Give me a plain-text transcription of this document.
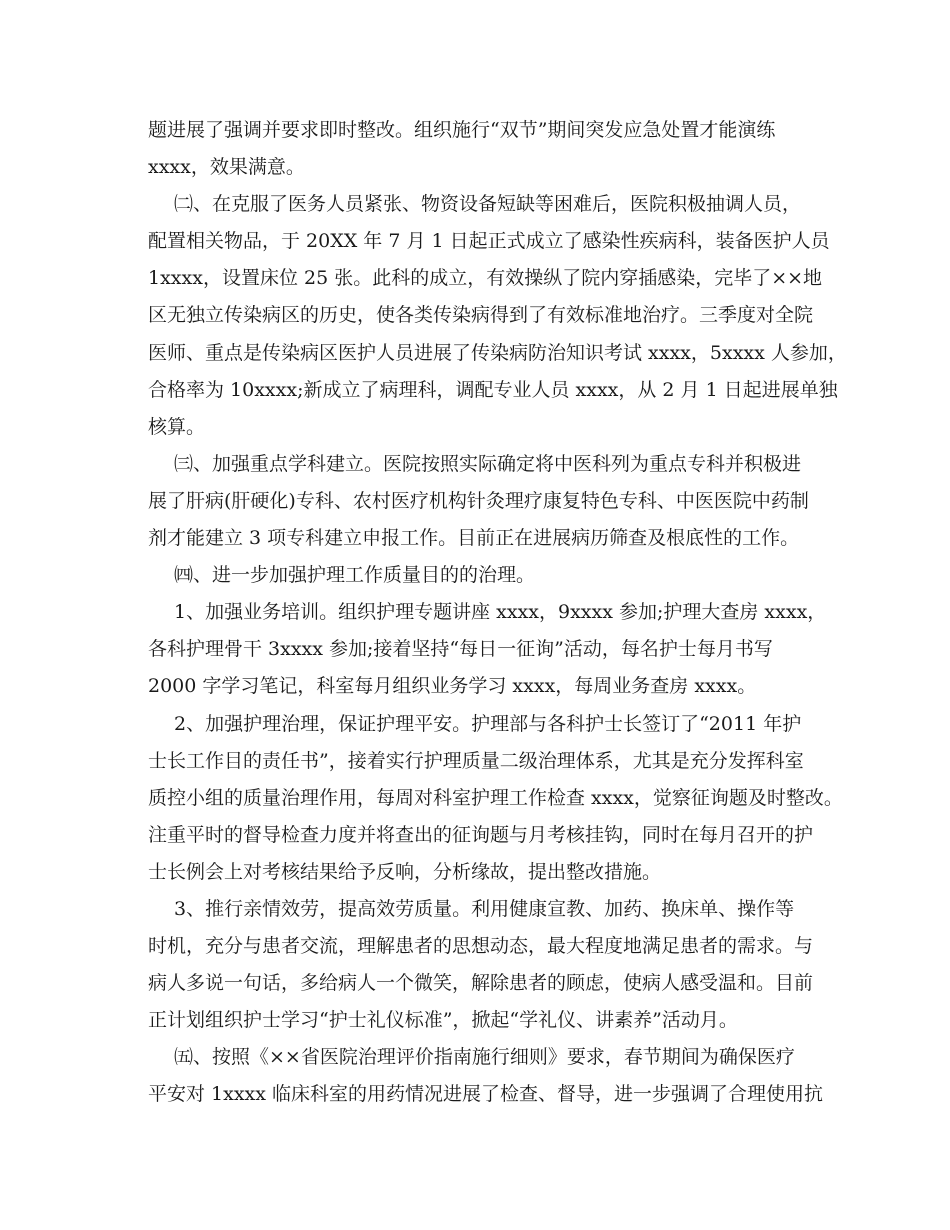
题进展了强调并要求即时整改。组织施行“双节”期间突发应急处置才能演练
xxxx，效果满意。
㈡、在克服了医务人员紧张、物资设备短缺等困难后，医院积极抽调人员，
配置相关物品，于 20XX 年 7 月 1 日起正式成立了感染性疾病科，装备医护人员
1xxxx，设置床位 25 张。此科的成立，有效操纵了院内穿插感染，完毕了××地
区无独立传染病区的历史，使各类传染病得到了有效标准地治疗。三季度对全院
医师、重点是传染病区医护人员进展了传染病防治知识考试 xxxx，5xxxx 人参加，
合格率为 10xxxx;新成立了病理科，调配专业人员 xxxx，从 2 月 1 日起进展单独
核算。
㈢、加强重点学科建立。医院按照实际确定将中医科列为重点专科并积极进
展了肝病(肝硬化)专科、农村医疗机构针灸理疗康复特色专科、中医医院中药制
剂才能建立 3 项专科建立申报工作。目前正在进展病历筛查及根底性的工作。
㈣、进一步加强护理工作质量目的的治理。
1、加强业务培训。组织护理专题讲座 xxxx，9xxxx 参加;护理大查房 xxxx，
各科护理骨干 3xxxx 参加;接着坚持“每日一征询”活动，每名护士每月书写
2000 字学习笔记，科室每月组织业务学习 xxxx，每周业务查房 xxxx。
2、加强护理治理，保证护理平安。护理部与各科护士长签订了“2011 年护
士长工作目的责任书”，接着实行护理质量二级治理体系，尤其是充分发挥科室
质控小组的质量治理作用，每周对科室护理工作检查 xxxx，觉察征询题及时整改。
注重平时的督导检查力度并将查出的征询题与月考核挂钩，同时在每月召开的护
士长例会上对考核结果给予反响，分析缘故，提出整改措施。
3、推行亲情效劳，提高效劳质量。利用健康宣教、加药、换床单、操作等
时机，充分与患者交流，理解患者的思想动态，最大程度地满足患者的需求。与
病人多说一句话，多给病人一个微笑，解除患者的顾虑，使病人感受温和。目前
正计划组织护士学习“护士礼仪标准”，掀起“学礼仪、讲素养”活动月。
㈤、按照《××省医院治理评价指南施行细则》要求，春节期间为确保医疗
平安对 1xxxx 临床科室的用药情况进展了检查、督导，进一步强调了合理使用抗
